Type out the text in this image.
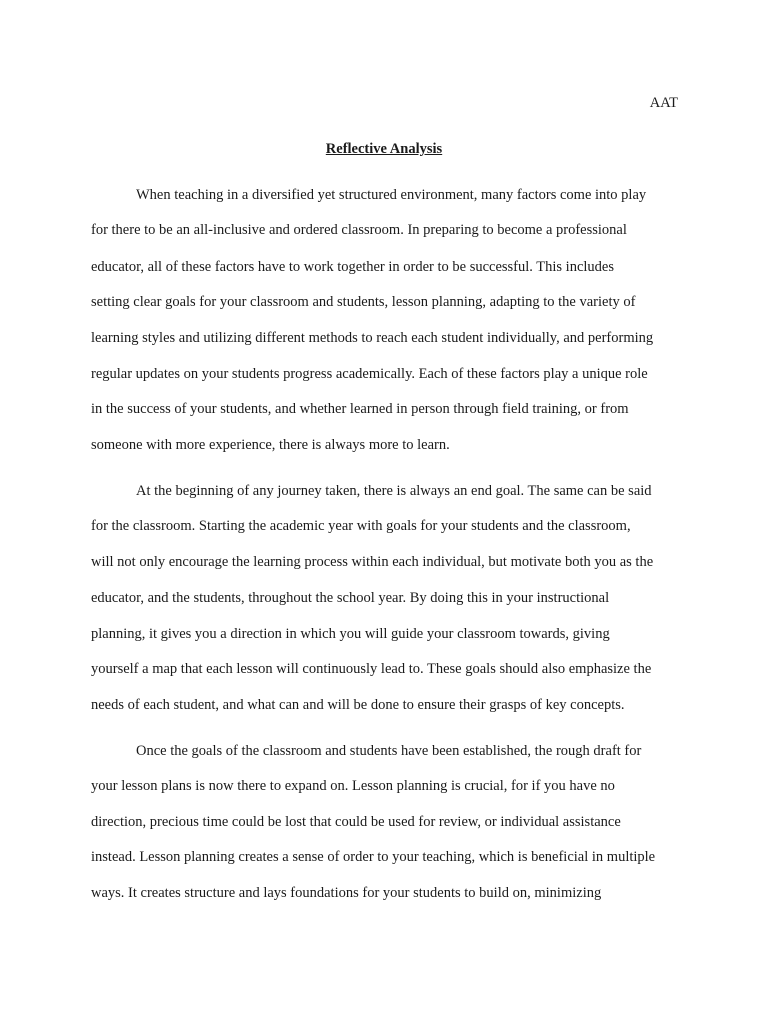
AAT
Reflective Analysis
When teaching in a diversified yet structured environment, many factors come into play
for there to be an all-inclusive and ordered classroom. In preparing to become a professional
educator, all of these factors have to work together in order to be successful. This includes
setting clear goals for your classroom and students, lesson planning, adapting to the variety of
learning styles and utilizing different methods to reach each student individually, and performing
regular updates on your students progress academically. Each of these factors play a unique role
in the success of your students, and whether learned in person through field training, or from
someone with more experience, there is always more to learn.
At the beginning of any journey taken, there is always an end goal. The same can be said
for the classroom. Starting the academic year with goals for your students and the classroom,
will not only encourage the learning process within each individual, but motivate both you as the
educator, and the students, throughout the school year. By doing this in your instructional
planning, it gives you a direction in which you will guide your classroom towards, giving
yourself a map that each lesson will continuously lead to. These goals should also emphasize the
needs of each student, and what can and will be done to ensure their grasps of key concepts.
Once the goals of the classroom and students have been established, the rough draft for
your lesson plans is now there to expand on. Lesson planning is crucial, for if you have no
direction, precious time could be lost that could be used for review, or individual assistance
instead. Lesson planning creates a sense of order to your teaching, which is beneficial in multiple
ways. It creates structure and lays foundations for your students to build on, minimizing
